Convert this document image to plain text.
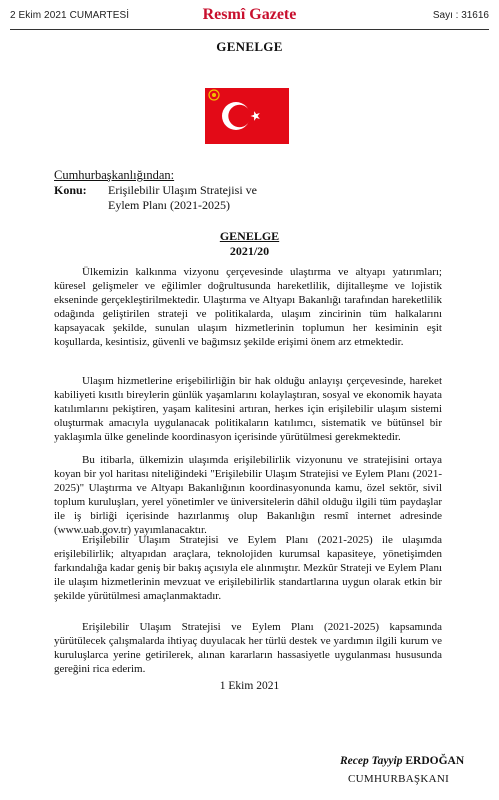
2 Ekim 2021 CUMARTESİ	Resmî Gazete	Sayı : 31616
GENELGE
Cumhurbaşkanlığından:
Konu: Erişilebilir Ulaşım Stratejisi ve
Eylem Planı (2021-2025)
GENELGE
2021/20

Ülkemizin kalkınma vizyonu çerçevesinde ulaştırma ve altyapı yatırımları; küresel gelişmeler ve eğilimler doğrultusunda hareketlilik, dijitalleşme ve lojistik ekseninde gerçekleştirilmektedir. Ulaştırma ve Altyapı Bakanlığı tarafından hareketlilik odağında geliştirilen strateji ve politikalarda, ulaşım zincirinin tüm halkalarını kapsayacak şekilde, sunulan ulaşım hizmetlerinin toplumun her kesiminin eşit koşullarda, kesintisiz, güvenli ve bağımsız şekilde erişimi önem arz etmektedir.

Ulaşım hizmetlerine erişebilirliğin bir hak olduğu anlayışı çerçevesinde, hareket kabiliyeti kısıtlı bireylerin günlük yaşamlarını kolaylaştıran, sosyal ve ekonomik hayata katılımlarını pekiştiren, yaşam kalitesini artıran, herkes için erişilebilir ulaşım sistemi oluşturmak amacıyla uygulanacak politikaların katılımcı, sistematik ve bütünsel bir yaklaşımla ülke genelinde koordinasyon içerisinde yürütülmesi gerekmektedir.

Bu itibarla, ülkemizin ulaşımda erişilebilirlik vizyonunu ve stratejisini ortaya koyan bir yol haritası niteliğindeki "Erişilebilir Ulaşım Stratejisi ve Eylem Planı (2021-2025)" Ulaştırma ve Altyapı Bakanlığının koordinasyonunda kamu, özel sektör, sivil toplum kuruluşları, yerel yönetimler ve üniversitelerin dâhil olduğu ilgili tüm paydaşlar ile iş birliği içerisinde hazırlanmış olup Bakanlığın resmî internet adresinde (www.uab.gov.tr) yayımlanacaktır.

Erişilebilir Ulaşım Stratejisi ve Eylem Planı (2021-2025) ile ulaşımda erişilebilirlik; altyapıdan araçlara, teknolojiden kurumsal kapasiteye, yönetişimden farkındalığa kadar geniş bir bakış açısıyla ele alınmıştır. Mezkûr Strateji ve Eylem Planı ile ulaşım hizmetlerinin mevzuat ve erişilebilirlik standartlarına uygun olarak etkin bir şekilde yürütülmesi amaçlanmaktadır.

Erişilebilir Ulaşım Stratejisi ve Eylem Planı (2021-2025) kapsamında yürütülecek çalışmalarda ihtiyaç duyulacak her türlü destek ve yardımın ilgili kurum ve kuruluşlarca yerine getirilerek, alınan kararların hassasiyetle uygulanması hususunda gereğini rica ederim.

1 Ekim 2021
Recep Tayyip ERDOĞAN
CUMHURBAŞKANI
